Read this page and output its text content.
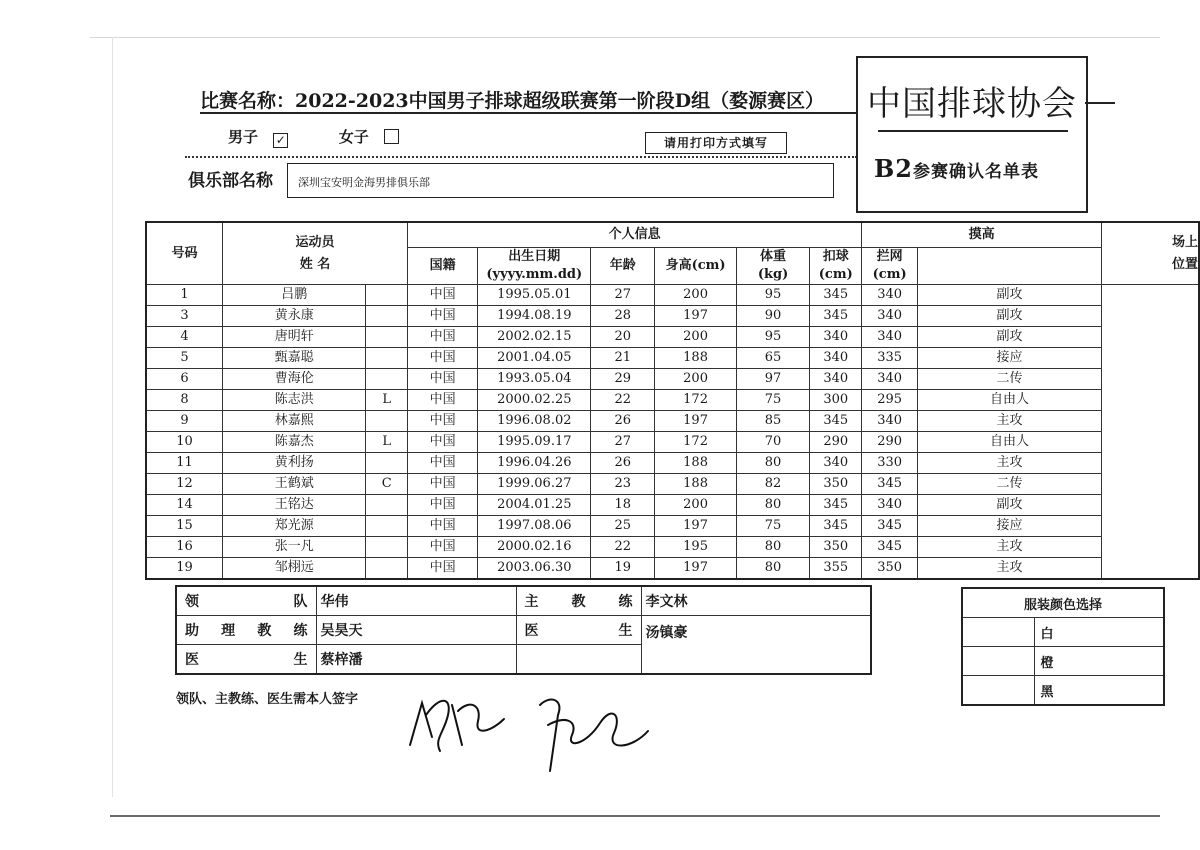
比赛名称：2022-2023中国男子排球超级联赛第一阶段D组（婺源赛区）
男子 ✓	女子	请用打印方式填写
俱乐部名称 深圳宝安明金海男排俱乐部
中国排球协会
B2参赛确认名单表
号码	运动员
姓 名		个人信息						摸高		场上
位置
			国籍	出生日期
(yyyy.mm.dd)	年龄	身高(cm)	体重
(kg)	扣球
(cm)	拦网
(cm)		
1	吕鹏		中国	1995.05.01	27	200	95	345	340	副攻	
3	黄永康		中国	1994.08.19	28	197	90	345	340	副攻	
4	唐明轩		中国	2002.02.15	20	200	95	340	340	副攻	
5	甄嘉聪		中国	2001.04.05	21	188	65	340	335	接应	
6	曹海伦		中国	1993.05.04	29	200	97	340	340	二传	
8	陈志洪	L	中国	2000.02.25	22	172	75	300	295	自由人	
9	林嘉熙		中国	1996.08.02	26	197	85	345	340	主攻	
10	陈嘉杰	L	中国	1995.09.17	27	172	70	290	290	自由人	
11	黄利扬		中国	1996.04.26	26	188	80	340	330	主攻	
12	王鹤斌	C	中国	1999.06.27	23	188	82	350	345	二传	
14	王铭达		中国	2004.01.25	18	200	80	345	340	副攻	
15	郑光源		中国	1997.08.06	25	197	75	345	345	接应	
16	张一凡		中国	2000.02.16	22	195	80	350	345	主攻	
19	邹栩远		中国	2003.06.30	19	197	80	355	350	主攻	
领 队	华伟	主 教 练	李文林

助 理 教 练	吴昊天	医 生	汤镇豪

医 生	蔡梓潘		
服装颜色选择	
	白
	橙
	黑
领队、主教练、医生需本人签字
